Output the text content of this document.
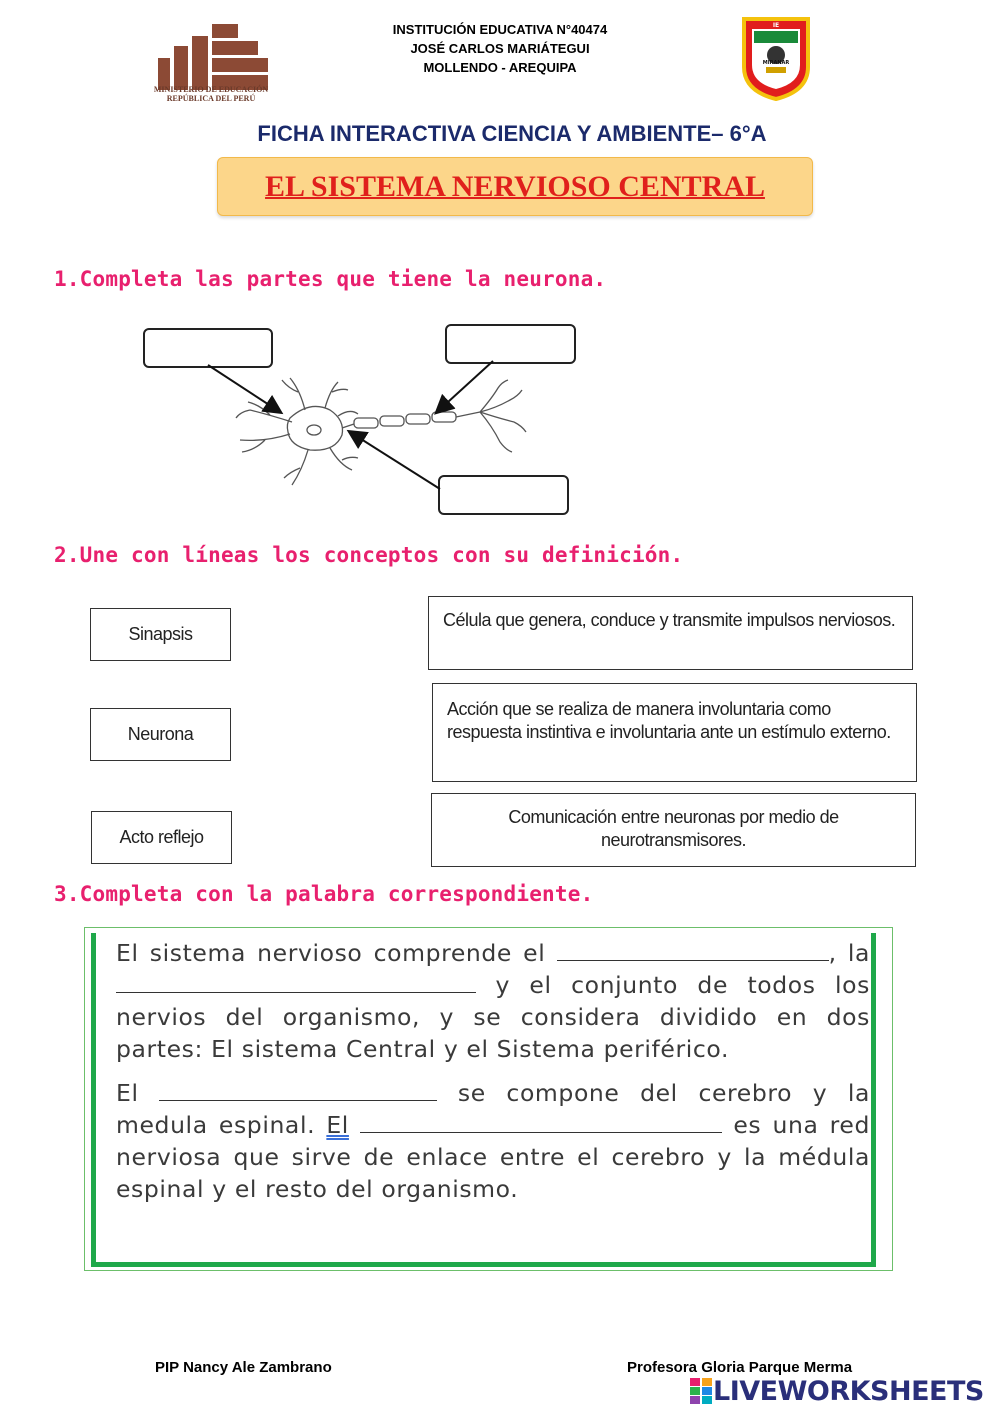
MINISTERIO DE EDUCACIÓN REPÚBLICA DEL PERÚ
INSTITUCIÓN EDUCATIVA N°40474
JOSÉ CARLOS MARIÁTEGUI
MOLLENDO - AREQUIPA
IE
MIRANAR
FICHA INTERACTIVA CIENCIA Y AMBIENTE– 6°A
EL SISTEMA NERVIOSO CENTRAL
1.Completa las partes que tiene la neurona.
2.Une con líneas los conceptos con su definición.
Sinapsis
Neurona
Acto reflejo
Célula que genera, conduce y transmite impulsos nerviosos.
Acción que se realiza de manera involuntaria como respuesta instintiva e involuntaria ante un estímulo externo.
Comunicación entre neuronas por medio de neurotransmisores.
3.Completa con la palabra correspondiente.

El sistema nervioso comprende el	, la  y el conjunto de todos los nervios del organismo, y se considera dividido en dos partes: El sistema Central y el Sistema periférico.

El	se compone del cerebro y la medula espinal. El	es una red nerviosa que sirve de enlace entre el cerebro y la médula espinal y el resto del organismo.

PIP Nancy Ale Zambrano	Profesora Gloria Parque Merma
LIVEWORKSHEETS
